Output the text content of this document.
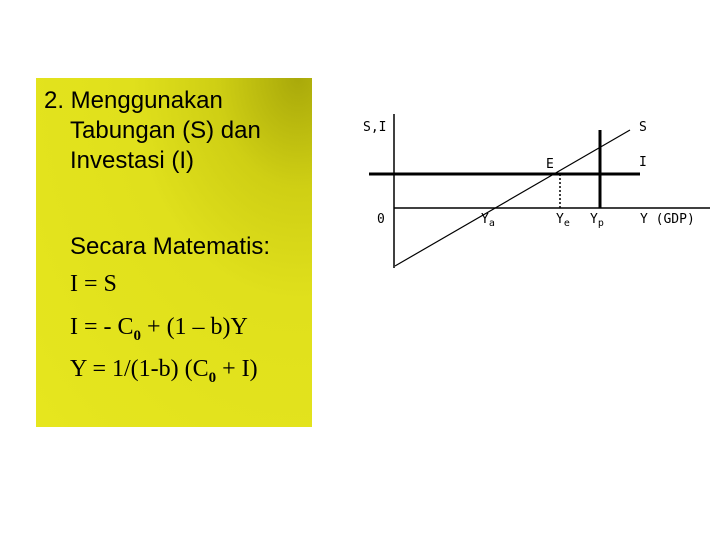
2. Menggunakan
Tabungan (S) dan
Investasi (I)
Secara Matematis:
I = S
I = - $C_0 + (1 - b)Y$
Y = 1/(1-b) $(C_0 + I)$
S,I	S
E	I
0	$Y_a$	$Y_e$ $Y_p$	Y (GDP)
